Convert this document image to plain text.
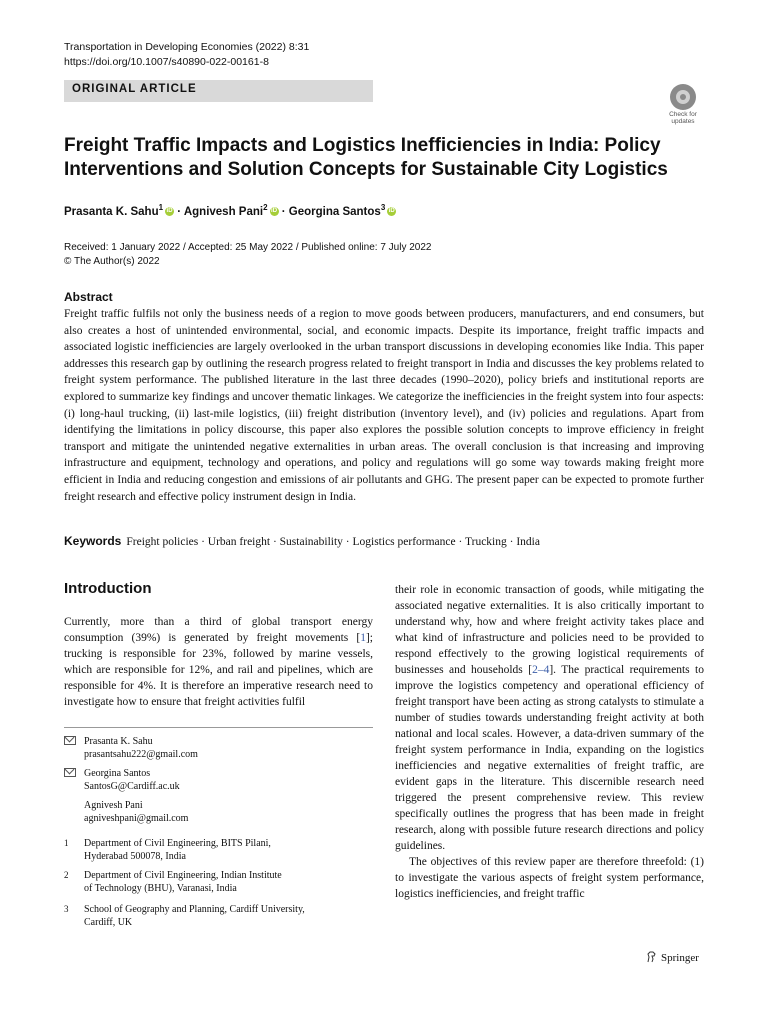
Transportation in Developing Economies (2022) 8:31
https://doi.org/10.1007/s40890-022-00161-8
ORIGINAL ARTICLE
Check for
updates
Freight Traffic Impacts and Logistics Inefficiencies in India: Policy Interventions and Solution Concepts for Sustainable City Logistics
Prasanta K. Sahu$^1$ iD · Agnivesh Pani$^2$ iD · Georgina Santos$^3$ iD
Received: 1 January 2022 / Accepted: 25 May 2022 / Published online: 7 July 2022
© The Author(s) 2022
Abstract
Freight traffic fulfils not only the business needs of a region to move goods between producers, manufacturers, and end consumers, but also creates a host of unintended environmental, social, and economic impacts. Despite its importance, freight traffic impacts and associated logistic inefficiencies are largely overlooked in the urban transport discussions in developing economies like India. This paper addresses this research gap by outlining the research progress related to freight transport in India and discusses the key problems related to freight system performance. The published literature in the last three decades (1990–2020), policy briefs and institutional reports are explored to summarize key findings and uncover thematic linkages. We categorize the inefficiencies in the freight system into four aspects: (i) long-haul trucking, (ii) last-mile logistics, (iii) freight distribution (inventory level), and (iv) policies and regulations. Apart from identifying the limitations in policy discourse, this paper also explores the possible solution concepts to improve efficiency in freight transport and mitigate the unintended negative externalities in urban areas. The overall conclusion is that increasing and improving infrastructure and equipment, technology and operations, and policy and regulations will go some way towards making freight more efficient in India and reducing congestion and emissions of air pollutants and GHG. The present paper can be expected to promote further freight research and effective policy instrument design in India.
Keywords Freight policies · Urban freight · Sustainability · Logistics performance · Trucking · India
Introduction
Currently, more than a third of global transport energy consumption (39%) is generated by freight movements [1]; trucking is responsible for 23%, followed by marine vessels, which are responsible for 12%, and rail and pipelines, which are responsible for 4%. It is therefore an imperative research need to investigate how to ensure that freight activities fulfil
their role in economic transaction of goods, while mitigating the associated negative externalities. It is also critically important to understand why, how and where freight activity takes place and what kind of infrastructure and policies need to be provided to respond effectively to the growing logistical requirements of businesses and households [2–4]. The practical requirements to improve the logistics competency and operational efficiency of freight transport have been acting as strong catalysts to stimulate a number of studies towards understanding freight activity at both national and local scales. However, a data-driven summary of the freight system performance in India, expanding on the logistics inefficiencies and negative externalities of freight traffic, are evident gaps in the literature. This discernible research need triggered the present comprehensive review. This review specifically outlines the progress that has been made in freight research, along with possible future research directions and policy guidelines.
The objectives of this review paper are therefore threefold: (1) to investigate the various aspects of freight system performance, logistics inefficiencies, and freight traffic
Prasanta K. Sahu
prasantsahu222@gmail.com
Georgina Santos
SantosG@Cardiff.ac.uk
Agnivesh Pani
agniveshpani@gmail.com
1	Department of Civil Engineering, BITS Pilani,
Hyderabad 500078, India
2	Department of Civil Engineering, Indian Institute
of Technology (BHU), Varanasi, India
3	School of Geography and Planning, Cardiff University,
Cardiff, UK
Springer
